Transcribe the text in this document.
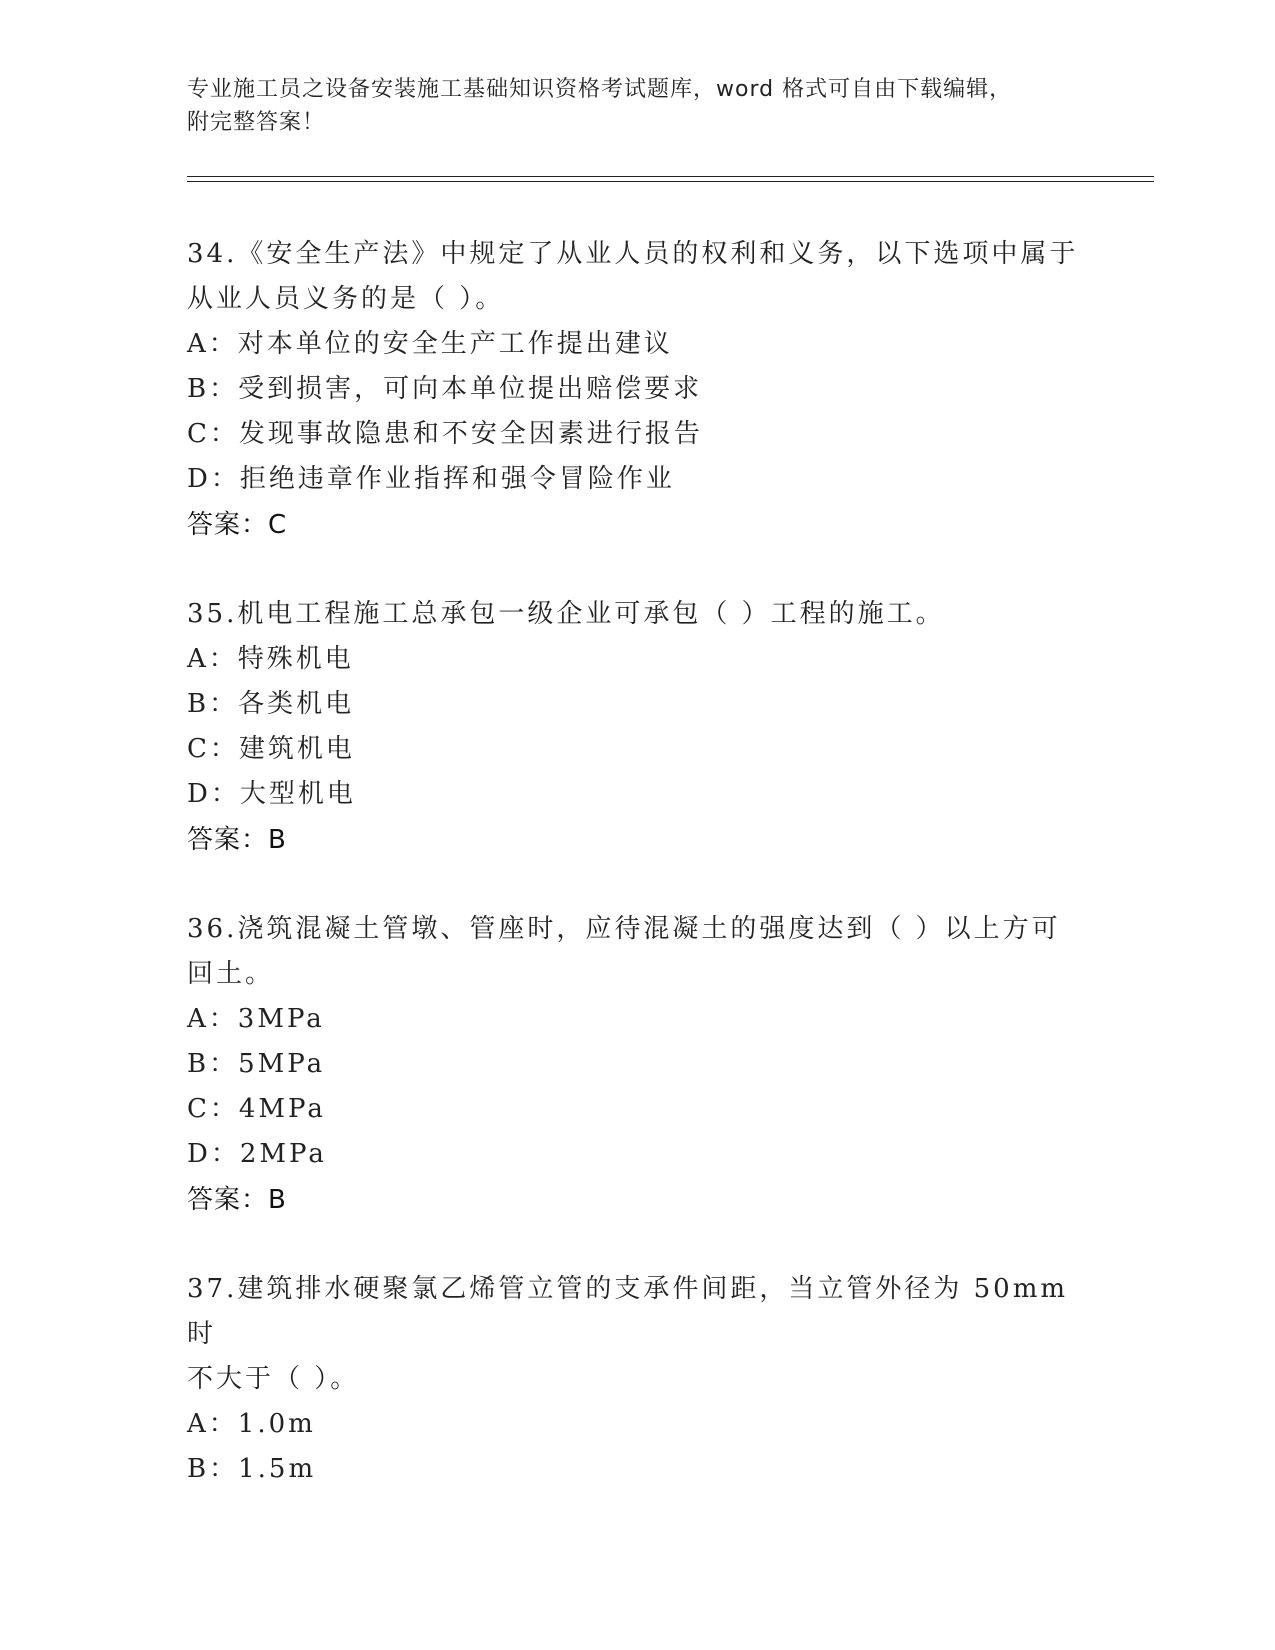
专业施工员之设备安装施工基础知识资格考试题库，word 格式可自由下载编辑，
附完整答案！

34.《安全生产法》中规定了从业人员的权利和义务，以下选项中属于

从业人员义务的是（ ）。

A：对本单位的安全生产工作提出建议

B：受到损害，可向本单位提出赔偿要求

C：发现事故隐患和不安全因素进行报告

D：拒绝违章作业指挥和强令冒险作业

答案：C

35.机电工程施工总承包一级企业可承包（ ）工程的施工。

A：特殊机电

B：各类机电

C：建筑机电

D：大型机电

答案：B

36.浇筑混凝土管墩、管座时，应待混凝土的强度达到（ ）以上方可

回土。

A：3MPa

B：5MPa

C：4MPa

D：2MPa

答案：B

37.建筑排水硬聚氯乙烯管立管的支承件间距，当立管外径为 50mm 时

不大于（ ）。

A：1.0m

B：1.5m
